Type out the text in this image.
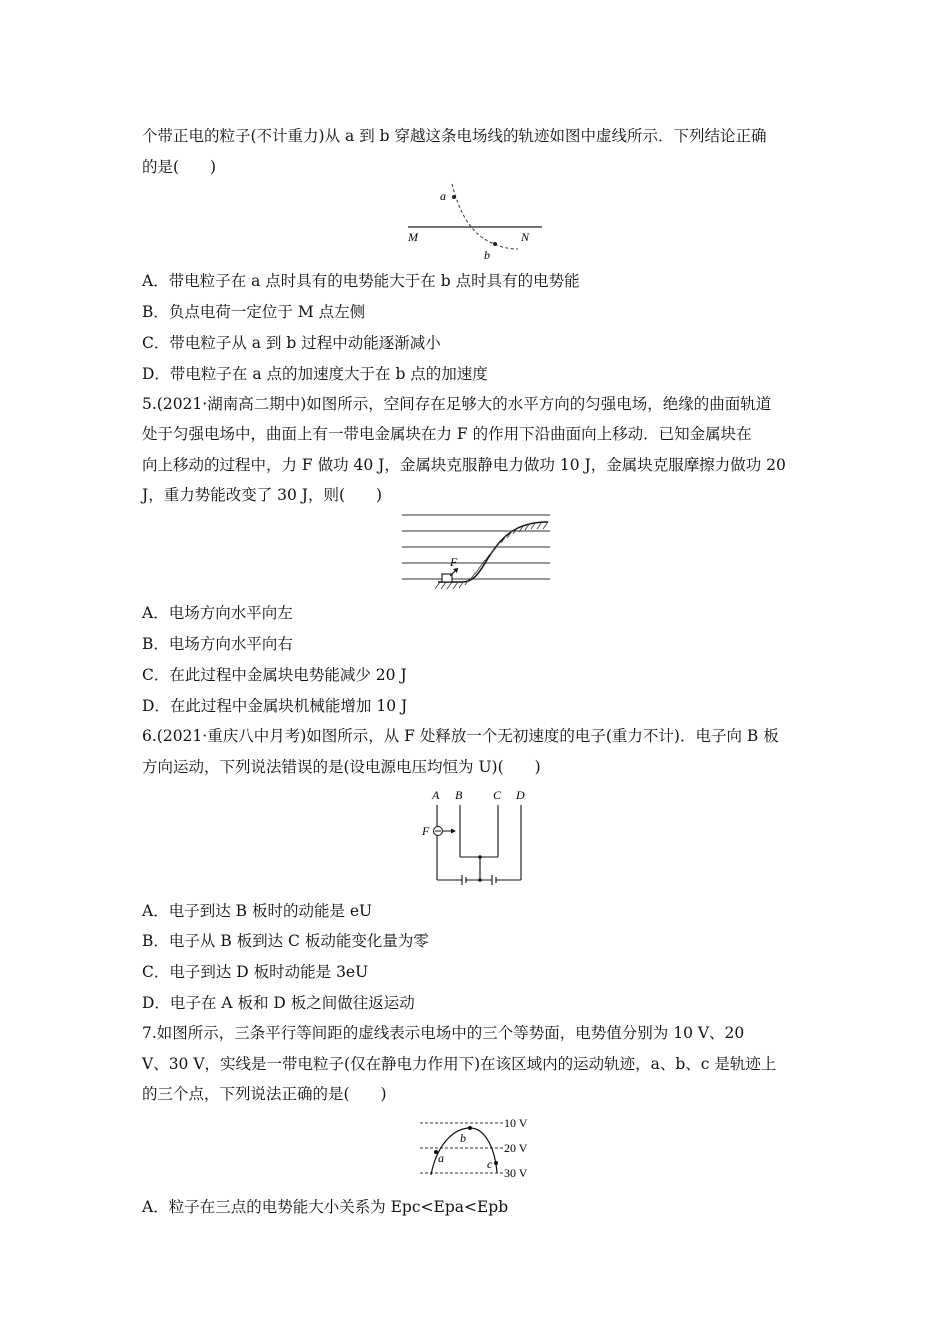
个带正电的粒子(不计重力)从 a 到 b 穿越这条电场线的轨迹如图中虚线所示．下列结论正确
的是(　　)
a
b
M	N
A．带电粒子在 a 点时具有的电势能大于在 b 点时具有的电势能
B．负点电荷一定位于 M 点左侧
C．带电粒子从 a 到 b 过程中动能逐渐减小
D．带电粒子在 a 点的加速度大于在 b 点的加速度
5.(2021·湖南高二期中)如图所示，空间存在足够大的水平方向的匀强电场，绝缘的曲面轨道
处于匀强电场中，曲面上有一带电金属块在力 F 的作用下沿曲面向上移动．已知金属块在
向上移动的过程中，力 F 做功 40 J，金属块克服静电力做功 10 J，金属块克服摩擦力做功 20
J，重力势能改变了 30 J，则(　　)
F
A．电场方向水平向左
B．电场方向水平向右
C．在此过程中金属块电势能减少 20 J
D．在此过程中金属块机械能增加 10 J
6.(2021·重庆八中月考)如图所示，从 F 处释放一个无初速度的电子(重力不计)．电子向 B 板
方向运动，下列说法错误的是(设电源电压均恒为 U)(　　)
A B	C D
F
A．电子到达 B 板时的动能是 eU
B．电子从 B 板到达 C 板动能变化量为零
C．电子到达 D 板时动能是 3eU
D．电子在 A 板和 D 板之间做往返运动
7.如图所示，三条平行等间距的虚线表示电场中的三个等势面，电势值分别为 10 V、20
V、30 V，实线是一带电粒子(仅在静电力作用下)在该区域内的运动轨迹，a、b、c 是轨迹上
的三个点，下列说法正确的是(　　)
10 V
20 V
30 V
a
b
c
A．粒子在三点的电势能大小关系为 Epc<Epa<Epb
